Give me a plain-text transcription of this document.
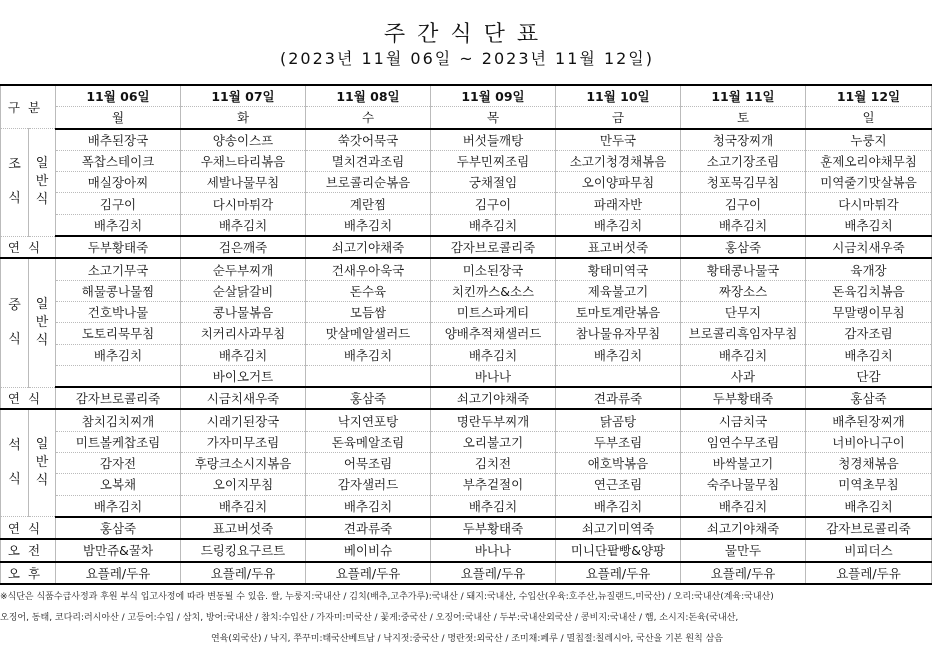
주간식단표
(2023년 11월 06일 ~ 2023년 11월 12일)
구분		11월 06일	11월 07일	11월 08일	11월 09일	11월 10일	11월 11일	11월 12일
		월	화	수	목	금	토	일
조식	일반식	배추된장국	양송이스프	쑥갓어묵국	버섯들깨탕	만두국	청국장찌개	누룽지
		폭찹스테이크	우채느타리볶음	멸치견과조림	두부민찌조림	소고기청경채볶음	소고기장조림	훈제오리야채무침
		매실장아찌	세발나물무침	브로콜리순볶음	궁채절임	오이양파무침	청포묵김무침	미역줄기맛살볶음
		김구이	다시마튀각	계란찜	김구이	파래자반	김구이	다시마튀각
		배추김치	배추김치	배추김치	배추김치	배추김치	배추김치	배추김치
연식		두부황태죽	검은깨죽	쇠고기야채죽	감자브로콜리죽	표고버섯죽	홍삼죽	시금치새우죽
중식	일반식	소고기무국	순두부찌개	건새우아욱국	미소된장국	황태미역국	황태콩나물국	육개장
		해물콩나물찜	순살닭갈비	돈수육	치킨까스&소스	제육불고기	짜장소스	돈육김치볶음
		건호박나물	콩나물볶음	모듬쌈	미트스파게티	토마토계란볶음	단무지	무말랭이무침
		도토리묵무침	치커리사과무침	맛살메알샐러드	양배추적채샐러드	참나물유자무침	브로콜리흑임자무침	감자조림
		배추김치	배추김치	배추김치	배추김치	배추김치	배추김치	배추김치
			바이오거트		바나나		사과	단감
연식		감자브로콜리죽	시금치새우죽	홍삼죽	쇠고기야채죽	견과류죽	두부황태죽	홍삼죽
석식	일반식	참치김치찌개	시래기된장국	낙지연포탕	명란두부찌개	닭곰탕	시금치국	배추된장찌개
		미트볼케찹조림	가자미무조림	돈육메알조림	오리불고기	두부조림	임연수무조림	너비아니구이
		감자전	후랑크소시지볶음	어묵조림	김치전	애호박볶음	바싹불고기	청경채볶음
		오복채	오이지무침	감자샐러드	부추겉절이	연근조림	숙주나물무침	미역초무침
		배추김치	배추김치	배추김치	배추김치	배추김치	배추김치	배추김치
연식		홍삼죽	표고버섯죽	견과류죽	두부황태죽	쇠고기미역죽	쇠고기야채죽	감자브로콜리죽
오전		밤만쥬&꿀차	드링킹요구르트	베이비슈	바나나	미니단팥빵&양팡	물만두	비피더스
오후		요플레/두유	요플레/두유	요플레/두유	요플레/두유	요플레/두유	요플레/두유	요플레/두유
※식단은 식품수급사정과 후원 부식 입고사정에 따라 변동될 수 있음. 쌀, 누룽지:국내산 / 김치(배추,고추가루):국내산 / 돼지:국내산, 수입산(우육:호주산,뉴질랜드,미국산) / 오리:국내산(계육:국내산)
오징어, 동태, 코다리:러시아산 / 고등어:수입 / 삼치, 방어:국내산 / 참치:수입산 / 가자미:미국산 / 꽃게:중국산 / 오징어:국내산 / 두부:국내산외국산 / 콩비지:국내산 / 햄, 소시지:돈육(국내산,
연육(외국산) / 낙지, 쭈꾸미:태국산베트남 / 낙지젓:중국산 / 명란젓:외국산 / 조미채:페루 / 멸칩절:칠레시아, 국산을 기본 원칙 삼음
